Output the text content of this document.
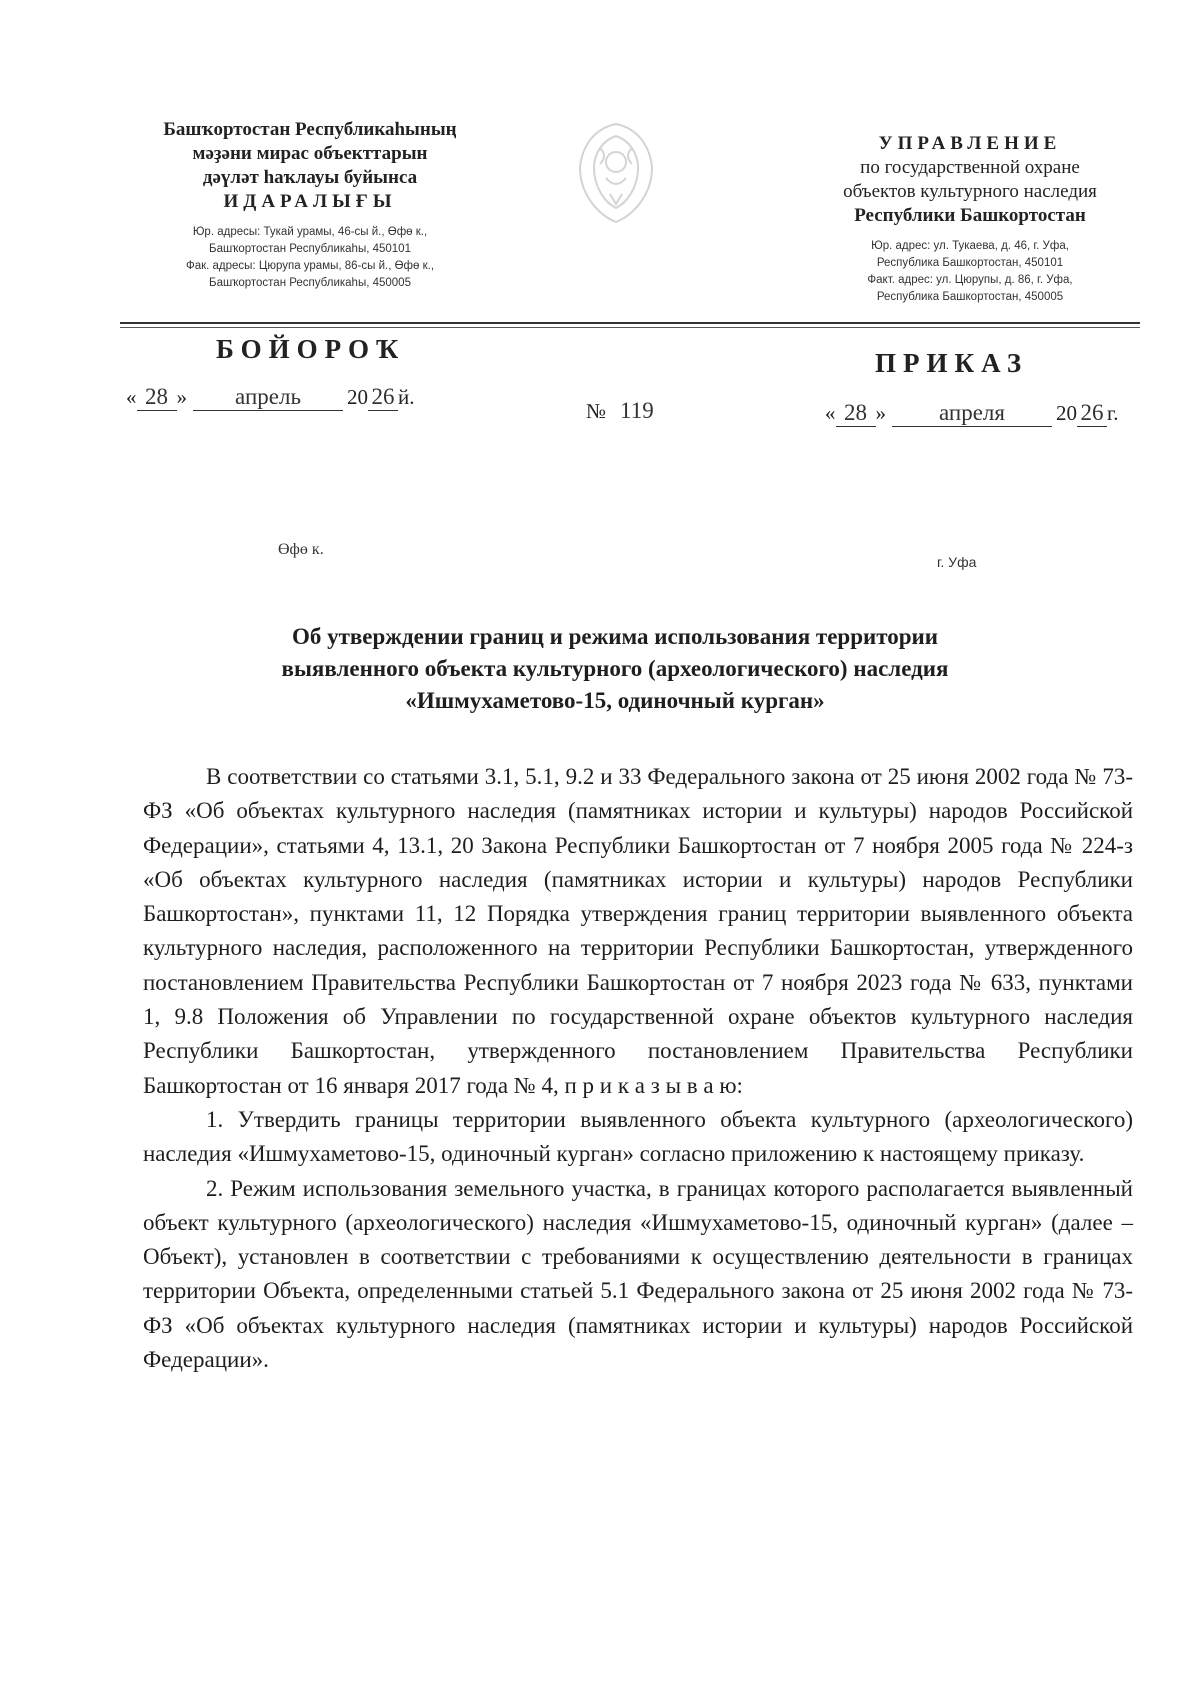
Башҡортостан Республикаһының
мәҙәни мирас объекттарын
дәүләт һаҡлауы буйынса
ИДАРАЛЫҒЫ
Юр. адресы: Тукай урамы, 46-сы й., Өфө к.,
Башҡортостан Республикаһы, 450101
Фак. адресы: Цюрупа урамы, 86-сы й., Өфө к.,
Башҡортостан Республикаһы, 450005
УПРАВЛЕНИЕ
по государственной охране
объектов культурного наследия
Республики Башкортостан
Юр. адрес: ул. Тукаева, д. 46, г. Уфа,
Республика Башкортостан, 450101
Факт. адрес: ул. Цюрупы, д. 86, г. Уфа,
Республика Башкортостан, 450005
БОЙОРОҠ	ПРИКАЗ
« 28 » апрель 20 26 й.
№ 119	« 28 » апреля 20 26 г.
Өфө к.
г. Уфа
Об утверждении границ и режима использования территории
выявленного объекта культурного (археологического) наследия
«Ишмухаметово-15, одиночный курган»

В соответствии со статьями 3.1, 5.1, 9.2 и 33 Федерального закона от 25 июня 2002 года № 73-ФЗ «Об объектах культурного наследия (памятниках истории и культуры) народов Российской Федерации», статьями 4, 13.1, 20 Закона Республики Башкортостан от 7 ноября 2005 года № 224-з «Об объектах культурного наследия (памятниках истории и культуры) народов Республики Башкортостан», пунктами 11, 12 Порядка утверждения границ территории выявленного объекта культурного наследия, расположенного на территории Республики Башкортостан, утвержденного постановлением Правительства Республики Башкортостан от 7 ноября 2023 года № 633, пунктами 1, 9.8 Положения об Управлении по государственной охране объектов культурного наследия Республики Башкортостан, утвержденного постановлением Правительства Республики Башкортостан от 16 января 2017 года № 4, п р и к а з ы в а ю:

1. Утвердить границы территории выявленного объекта культурного (археологического) наследия «Ишмухаметово-15, одиночный курган» согласно приложению к настоящему приказу.

2. Режим использования земельного участка, в границах которого располагается выявленный объект культурного (археологического) наследия «Ишмухаметово-15, одиночный курган» (далее – Объект), установлен в соответствии с требованиями к осуществлению деятельности в границах территории Объекта, определенными статьей 5.1 Федерального закона от 25 июня 2002 года № 73-ФЗ «Об объектах культурного наследия (памятниках истории и культуры) народов Российской Федерации».
